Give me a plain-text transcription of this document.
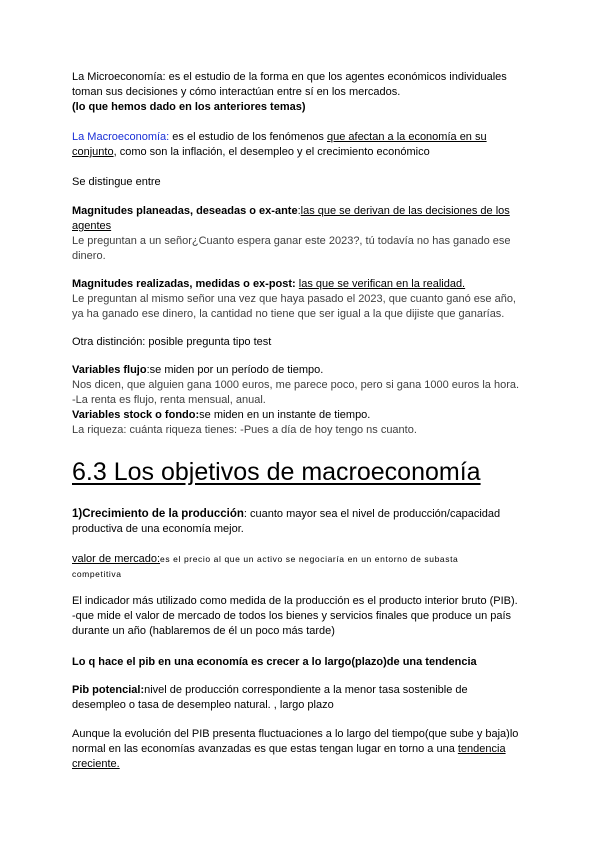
La Microeconomía: es el estudio de la forma en que los agentes económicos individuales
toman sus decisiones y cómo interactúan entre sí en los mercados.
(lo que hemos dado en los anteriores temas)
La Macroeconomía: es el estudio de los fenómenos que afectan a la economía en su
conjunto, como son la inflación, el desempleo y el crecimiento económico
Se distingue entre
Magnitudes planeadas, deseadas o ex-ante:las que se derivan de las decisiones de los
agentes
Le preguntan a un señor¿Cuanto espera ganar este 2023?, tú todavía no has ganado ese
dinero.
Magnitudes realizadas, medidas o ex-post: las que se verifican en la realidad.
Le preguntan al mismo señor una vez que haya pasado el 2023, que cuanto ganó ese año,
ya ha ganado ese dinero, la cantidad no tiene que ser igual a la que dijiste que ganarías.
Otra distinción: posible pregunta tipo test
Variables flujo:se miden por un período de tiempo.
Nos dicen, que alguien gana 1000 euros, me parece poco, pero si gana 1000 euros la hora.
-La renta es flujo, renta mensual, anual.
Variables stock o fondo:se miden en un instante de tiempo.
La riqueza: cuánta riqueza tienes: -Pues a día de hoy tengo ns cuanto.
6.3 Los objetivos de macroeconomía
1)Crecimiento de la producción: cuanto mayor sea el nivel de producción/capacidad
productiva de una economía mejor.
valor de mercado:es el precio al que un activo se negociaría en un entorno de subasta
competitiva
El indicador más utilizado como medida de la producción es el producto interior bruto (PIB).
-que mide el valor de mercado de todos los bienes y servicios finales que produce un país
durante un año (hablaremos de él un poco más tarde)
Lo q hace el pib en una economía es crecer a lo largo(plazo)de una tendencia
Pib potencial:nivel de producción correspondiente a la menor tasa sostenible de
desempleo o tasa de desempleo natural. , largo plazo
Aunque la evolución del PIB presenta fluctuaciones a lo largo del tiempo(que sube y baja)lo
normal en las economías avanzadas es que estas tengan lugar en torno a una tendencia
creciente.
